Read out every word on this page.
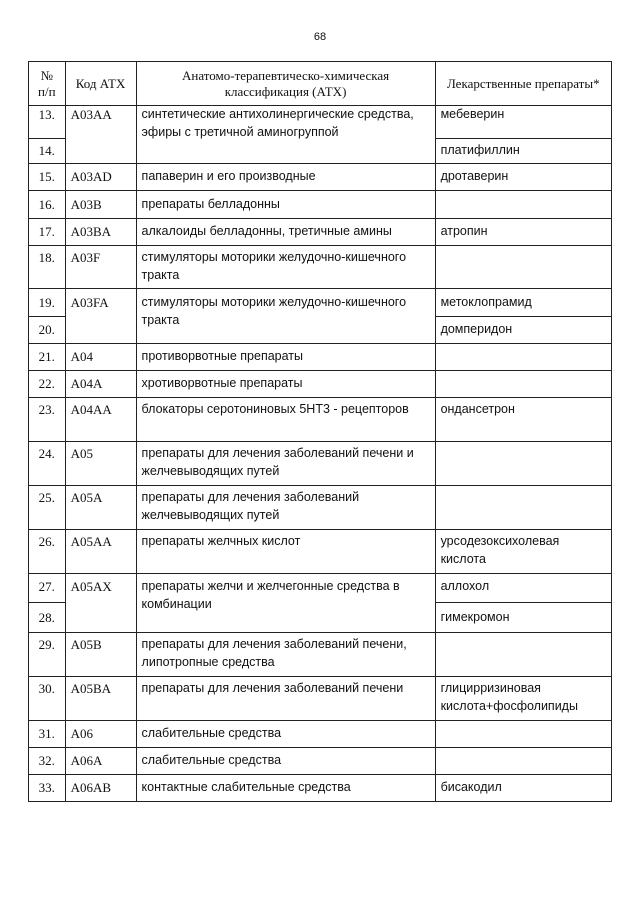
68
№ п/п	Код АТХ	Анатомо-терапевтическо-химическая классификация (АТХ)	Лекарственные препараты*
13.	A03AA	синтетические антихолинергические средства, эфиры с третичной аминогруппой	мебеверин
14.			платифиллин
15.	A03AD	папаверин и его производные	дротаверин
16.	A03B	препараты белладонны	
17.	A03BA	алкалоиды белладонны, третичные амины	атропин
18.	A03F	стимуляторы моторики желудочно-кишечного тракта	
19.	A03FA	стимуляторы моторики желудочно-кишечного тракта	метоклопрамид
20.			домперидон
21.	A04	противорвотные препараты	
22.	A04A	хротиворвотные препараты	
23.	A04AA	блокаторы серотониновых 5HT3 - рецепторов	ондансетрон
24.	A05	препараты для лечения заболеваний печени и желчевыводящих путей	
25.	A05A	препараты для лечения заболеваний желчевыводящих путей	
26.	A05AA	препараты желчных кислот	урсодезоксихолевая кислота
27.	A05AX	препараты желчи и желчегонные средства в комбинации	аллохол
28.			гимекромон
29.	A05B	препараты для лечения заболеваний печени, липотропные средства	
30.	A05BA	препараты для лечения заболеваний печени	глицирризиновая кислота+фосфолипиды
31.	A06	слабительные средства	
32.	A06A	слабительные средства	
33.	A06AB	контактные слабительные средства	бисакодил
